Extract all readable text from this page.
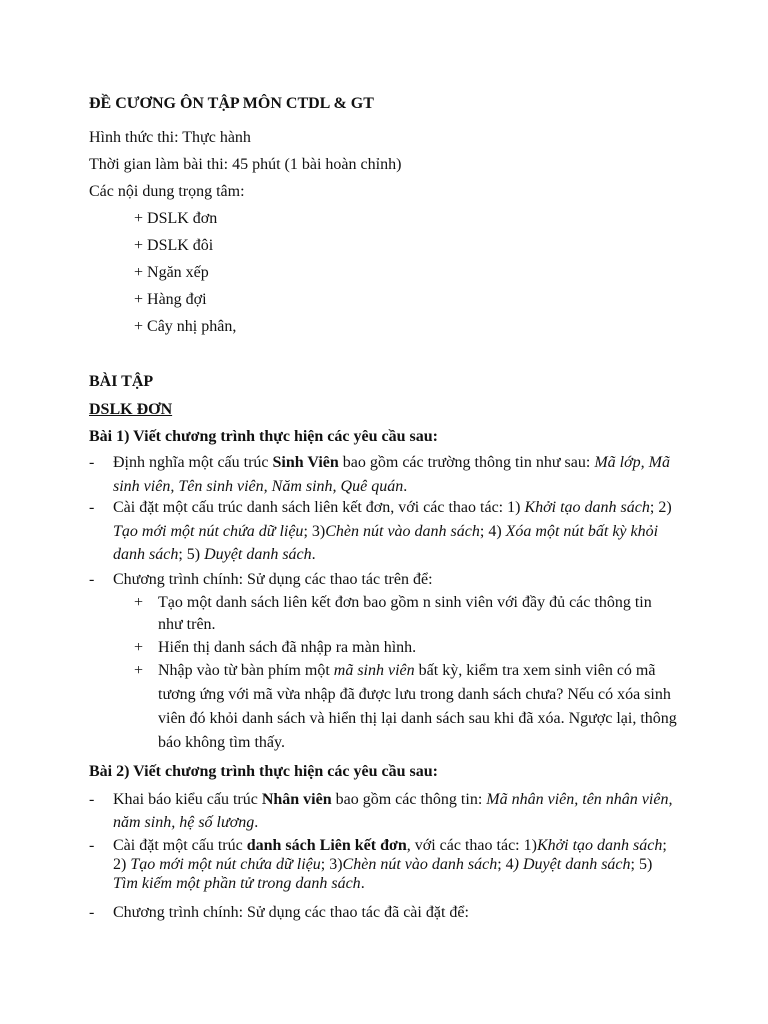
ĐỀ CƯƠNG ÔN TẬP MÔN CTDL & GT
Hình thức thi: Thực hành
Thời gian làm bài thi: 45 phút (1 bài hoàn chỉnh)
Các nội dung trọng tâm:
+ DSLK đơn
+ DSLK đôi
+ Ngăn xếp
+ Hàng đợi
+ Cây nhị phân,
BÀI TẬP
DSLK ĐƠN
Bài 1) Viết chương trình thực hiện các yêu cầu sau:
- Định nghĩa một cấu trúc Sinh Viên bao gồm các trường thông tin như sau: Mã lớp, Mã
sinh viên, Tên sinh viên, Năm sinh, Quê quán.
- Cài đặt một cấu trúc danh sách liên kết đơn, với các thao tác: 1) Khởi tạo danh sách; 2)
Tạo mới một nút chứa dữ liệu; 3)Chèn nút vào danh sách; 4) Xóa một nút bất kỳ khỏi
danh sách; 5) Duyệt danh sách.
- Chương trình chính: Sử dụng các thao tác trên để:
+ Tạo một danh sách liên kết đơn bao gồm n sinh viên với đầy đủ các thông tin
như trên.
+ Hiển thị danh sách đã nhập ra màn hình.
+ Nhập vào từ bàn phím một mã sinh viên bất kỳ, kiểm tra xem sinh viên có mã
tương ứng với mã vừa nhập đã được lưu trong danh sách chưa? Nếu có xóa sinh
viên đó khỏi danh sách và hiển thị lại danh sách sau khi đã xóa. Ngược lại, thông
báo không tìm thấy.
Bài 2) Viết chương trình thực hiện các yêu cầu sau:
- Khai báo kiểu cấu trúc Nhân viên bao gồm các thông tin: Mã nhân viên, tên nhân viên,
năm sinh, hệ số lương.
- Cài đặt một cấu trúc danh sách Liên kết đơn, với các thao tác: 1)Khởi tạo danh sách;
2) Tạo mới một nút chứa dữ liệu; 3)Chèn nút vào danh sách; 4) Duyệt danh sách; 5)
Tìm kiếm một phần tử trong danh sách.
- Chương trình chính: Sử dụng các thao tác đã cài đặt để:
